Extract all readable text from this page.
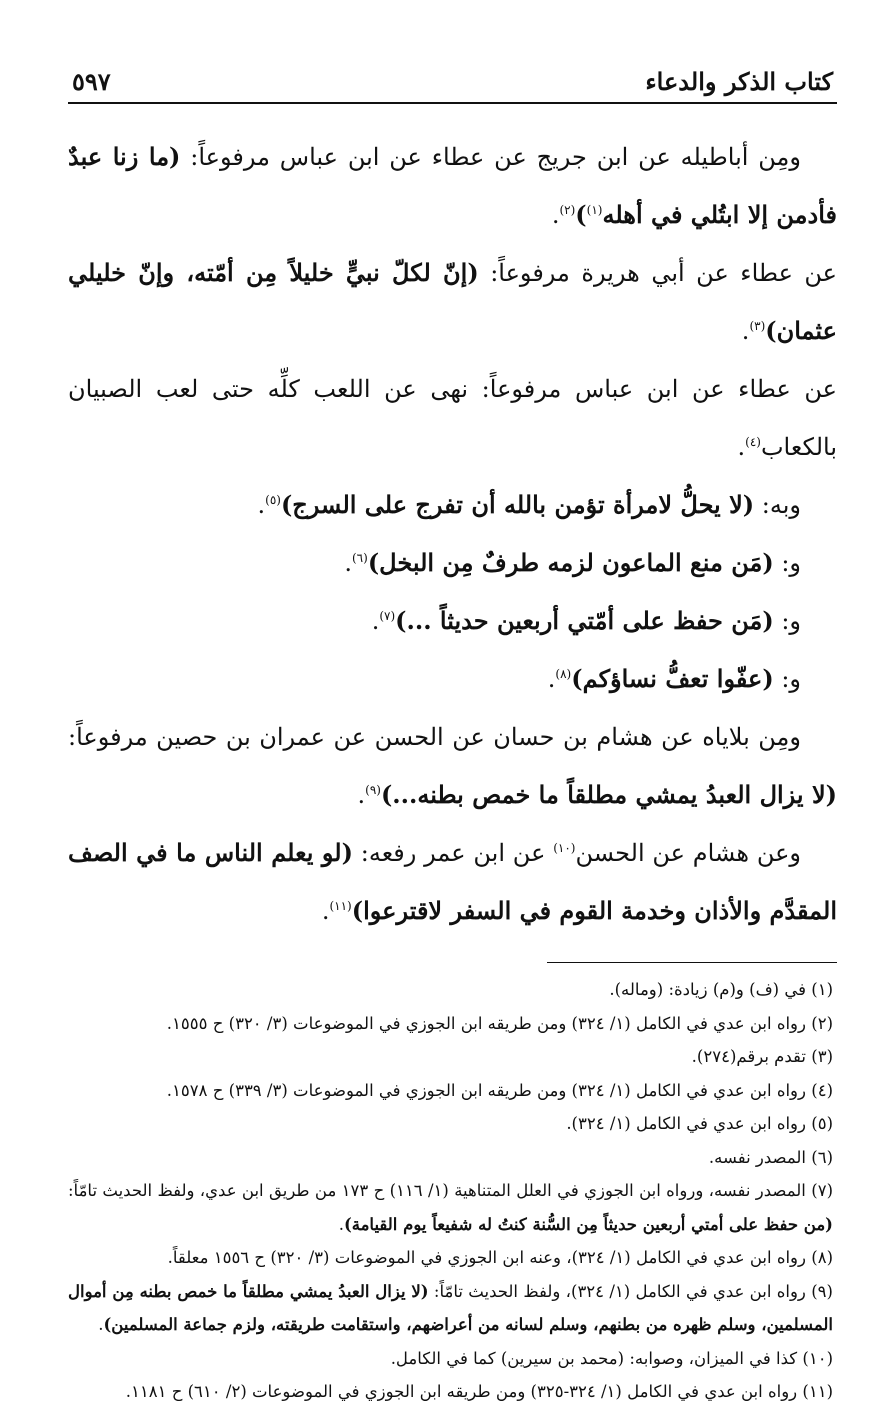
كتاب الذكر والدعاء
٥٩٧

ومِن أباطيله عن ابن جريج عن عطاء عن ابن عباس مرفوعاً: (ما زنا عبدٌ فأدمن إلا ابتُلي في أهله$^{(١)}$)$^{(٢)}$.

عن عطاء عن أبي هريرة مرفوعاً: (إنّ لكلّ نبيٍّ خليلاً مِن أمّته، وإنّ خليلي عثمان)$^{(٣)}$.

عن عطاء عن ابن عباس مرفوعاً: نهى عن اللعب كلِّه حتى لعب الصبيان بالكعاب$^{(٤)}$.

وبه: (لا يحلُّ لامرأة تؤمن بالله أن تفرج على السرج)$^{(٥)}$.

و: (مَن منع الماعون لزمه طرفٌ مِن البخل)$^{(٦)}$.

و: (مَن حفظ على أمّتي أربعين حديثاً ...)$^{(٧)}$.

و: (عفّوا تعفُّ نساؤكم)$^{(٨)}$.

ومِن بلاياه عن هشام بن حسان عن الحسن عن عمران بن حصين مرفوعاً: (لا يزال العبدُ يمشي مطلقاً ما خمص بطنه...)$^{(٩)}$.

وعن هشام عن الحسن$^{(١٠)}$ عن ابن عمر رفعه: (لو يعلم الناس ما في الصف المقدَّم والأذان وخدمة القوم في السفر لاقترعوا)$^{(١١)}$.

(١) في (ف) و(م) زيادة: (وماله).

(٢) رواه ابن عدي في الكامل (١/ ٣٢٤) ومن طريقه ابن الجوزي في الموضوعات (٣/ ٣٢٠) ح ١٥٥٥.

(٣) تقدم برقم(٢٧٤).

(٤) رواه ابن عدي في الكامل (١/ ٣٢٤) ومن طريقه ابن الجوزي في الموضوعات (٣/ ٣٣٩) ح ١٥٧٨.

(٥) رواه ابن عدي في الكامل (١/ ٣٢٤).

(٦) المصدر نفسه.

(٧) المصدر نفسه، ورواه ابن الجوزي في العلل المتناهية (١/ ١١٦) ح ١٧٣ من طريق ابن عدي، ولفظ الحديث تامّاً: (من حفظ على أمتي أربعين حديثاً مِن السُّنة كنتُ له شفيعاً يوم القيامة).

(٨) رواه ابن عدي في الكامل (١/ ٣٢٤)، وعنه ابن الجوزي في الموضوعات (٣/ ٣٢٠) ح ١٥٥٦ معلقاً.

(٩) رواه ابن عدي في الكامل (١/ ٣٢٤)، ولفظ الحديث تامّاً: (لا يزال العبدُ يمشي مطلقاً ما خمص بطنه مِن أموال المسلمين، وسلم ظهره من بطنهم، وسلم لسانه من أعراضهم، واستقامت طريقته، ولزم جماعة المسلمين).

(١٠) كذا في الميزان، وصوابه: (محمد بن سيرين) كما في الكامل.

(١١) رواه ابن عدي في الكامل (١/ ٣٢٤-٣٢٥) ومن طريقه ابن الجوزي في الموضوعات (٢/ ٦١٠) ح ١١٨١.
